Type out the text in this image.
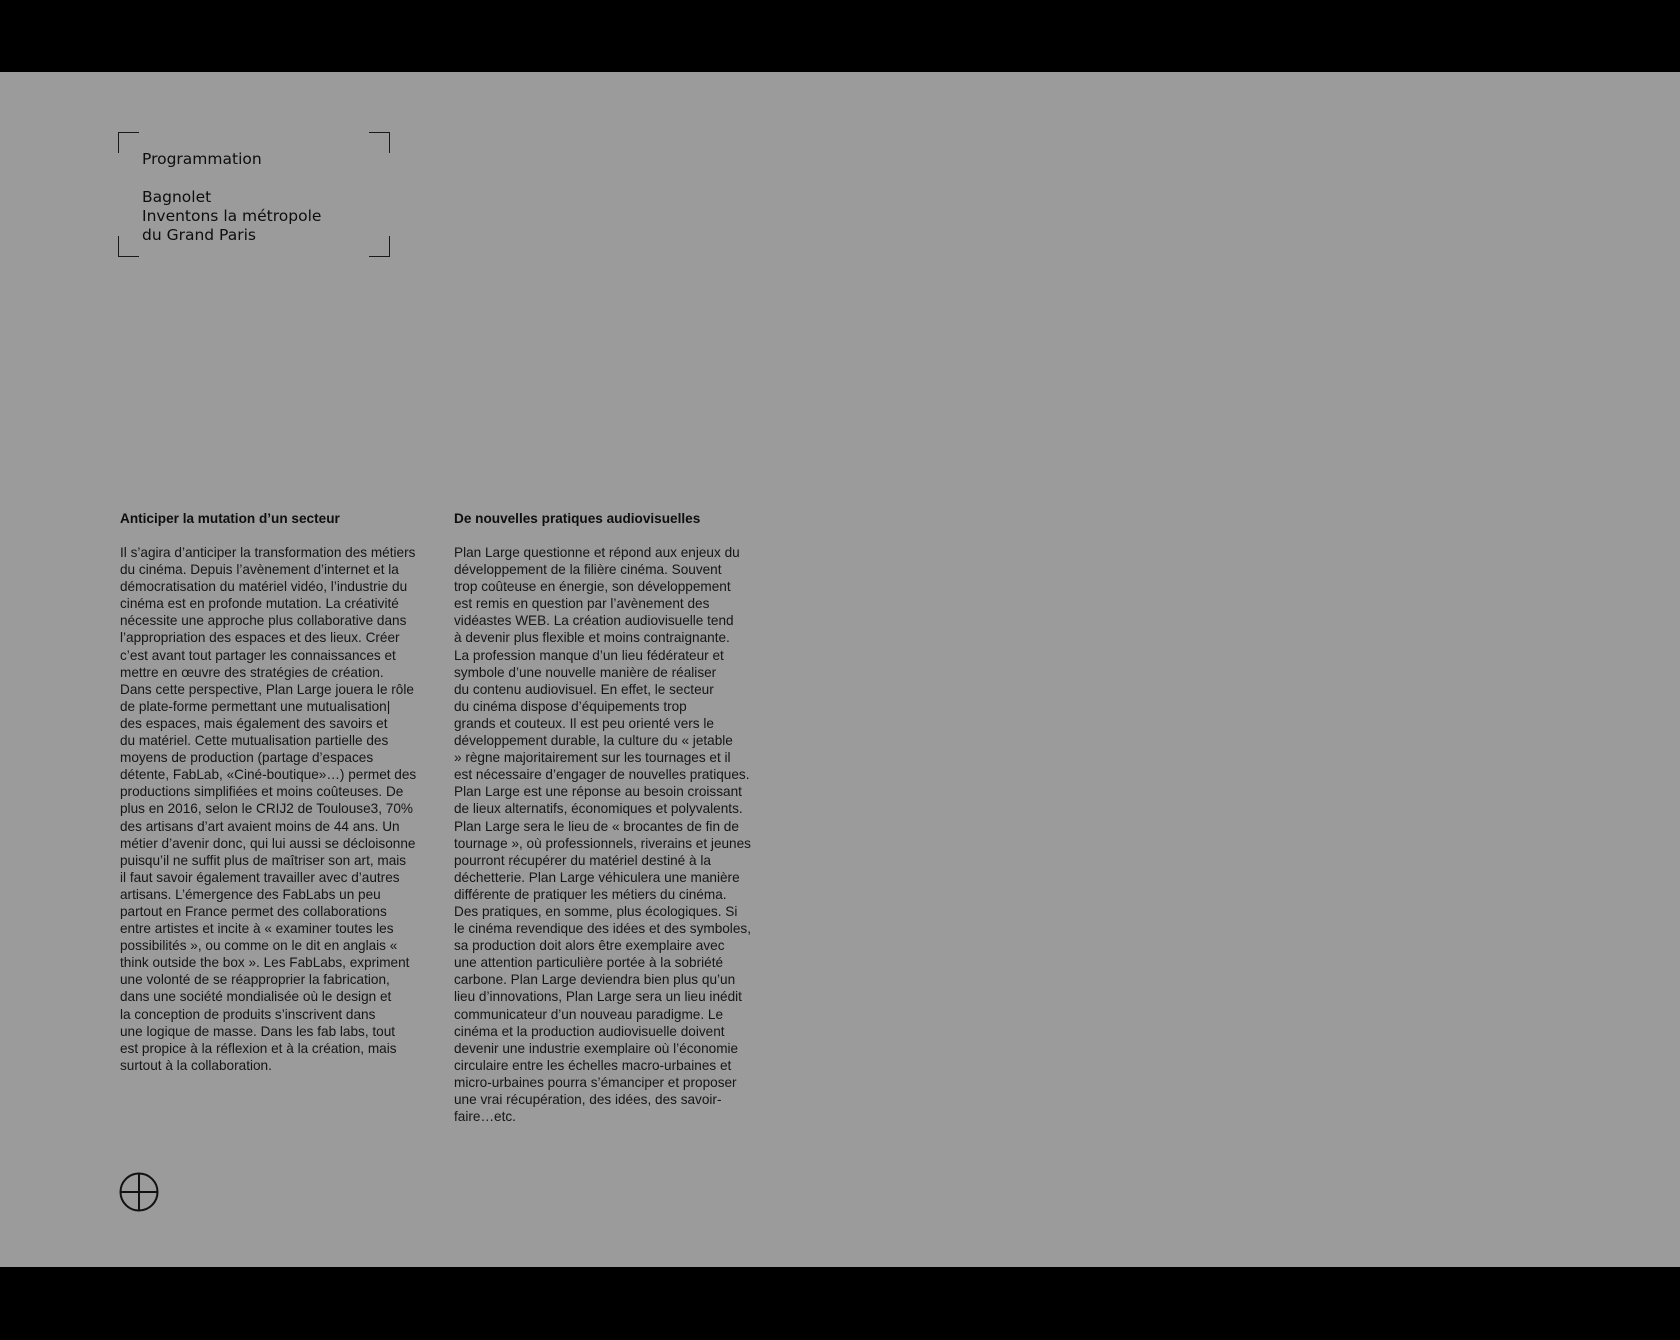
Programmation
Bagnolet
Inventons la métropole
du Grand Paris
Anticiper la mutation d’un secteur

Il s’agira d’anticiper la transformation des métiers
du cinéma. Depuis l’avènement d’internet et la
démocratisation du matériel vidéo, l’industrie du
cinéma est en profonde mutation. La créativité
nécessite une approche plus collaborative dans
l’appropriation des espaces et des lieux. Créer
c’est avant tout partager les connaissances et
mettre en œuvre des stratégies de création.
Dans cette perspective, Plan Large jouera le rôle
de plate-forme permettant une mutualisation|
des espaces, mais également des savoirs et
du matériel. Cette mutualisation partielle des
moyens de production (partage d’espaces
détente, FabLab, «Ciné-boutique»…) permet des
productions simplifiées et moins coûteuses. De
plus en 2016, selon le CRIJ2 de Toulouse3, 70%
des artisans d’art avaient moins de 44 ans. Un
métier d’avenir donc, qui lui aussi se décloisonne
puisqu’il ne suffit plus de maîtriser son art, mais
il faut savoir également travailler avec d’autres
artisans. L’émergence des FabLabs un peu
partout en France permet des collaborations
entre artistes et incite à « examiner toutes les
possibilités », ou comme on le dit en anglais «
think outside the box ». Les FabLabs, expriment
une volonté de se réapproprier la fabrication,
dans une société mondialisée où le design et
la conception de produits s’inscrivent dans
une logique de masse. Dans les fab labs, tout
est propice à la réflexion et à la création, mais
surtout à la collaboration.

De nouvelles pratiques audiovisuelles

Plan Large questionne et répond aux enjeux du
développement de la filière cinéma. Souvent
trop coûteuse en énergie, son développement
est remis en question par l’avènement des
vidéastes WEB. La création audiovisuelle tend
à devenir plus flexible et moins contraignante.
La profession manque d’un lieu fédérateur et
symbole d’une nouvelle manière de réaliser
du contenu audiovisuel. En effet, le secteur
du cinéma dispose d’équipements trop
grands et couteux. Il est peu orienté vers le
développement durable, la culture du « jetable
» règne majoritairement sur les tournages et il
est nécessaire d’engager de nouvelles pratiques.
Plan Large est une réponse au besoin croissant
de lieux alternatifs, économiques et polyvalents.
Plan Large sera le lieu de « brocantes de fin de
tournage », où professionnels, riverains et jeunes
pourront récupérer du matériel destiné à la
déchetterie. Plan Large véhiculera une manière
différente de pratiquer les métiers du cinéma.
Des pratiques, en somme, plus écologiques. Si
le cinéma revendique des idées et des symboles,
sa production doit alors être exemplaire avec
une attention particulière portée à la sobriété
carbone. Plan Large deviendra bien plus qu’un
lieu d’innovations, Plan Large sera un lieu inédit
communicateur d’un nouveau paradigme. Le
cinéma et la production audiovisuelle doivent
devenir une industrie exemplaire où l’économie
circulaire entre les échelles macro-urbaines et
micro-urbaines pourra s’émanciper et proposer
une vrai récupération, des idées, des savoir-
faire…etc.
